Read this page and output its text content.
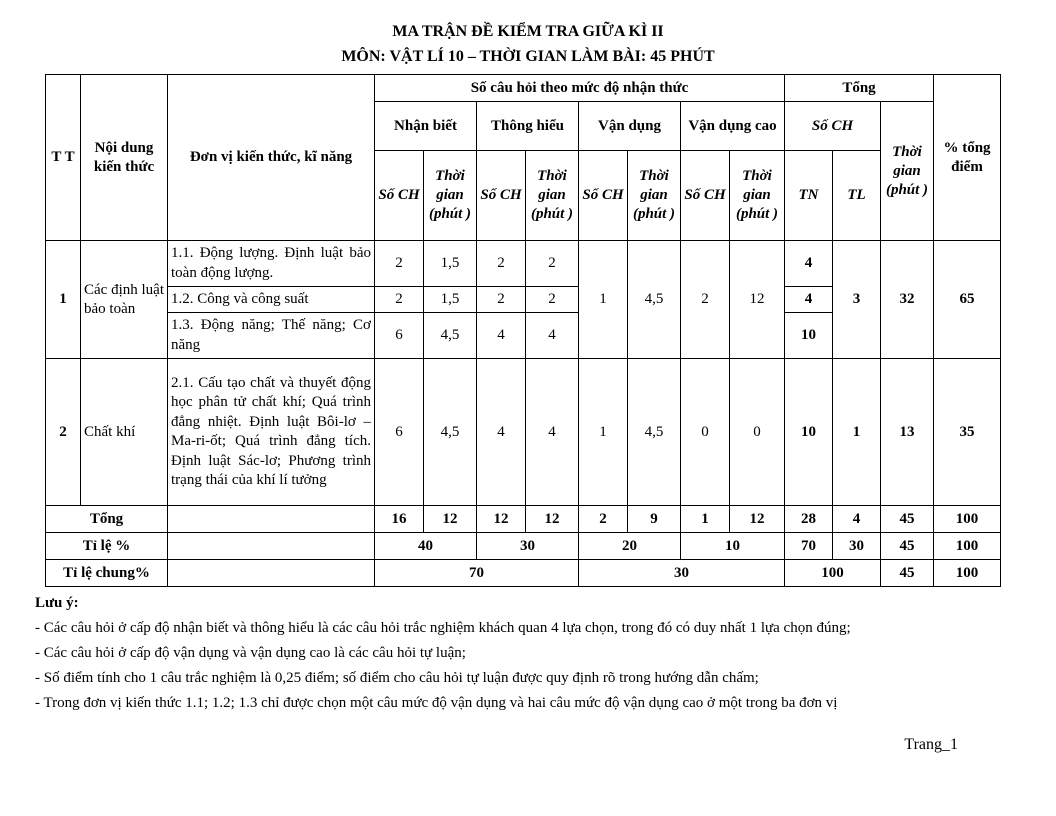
MA TRẬN ĐỀ KIỂM TRA GIỮA KÌ II
MÔN: VẬT LÍ 10 – THỜI GIAN LÀM BÀI: 45 PHÚT
T T	Nội dung kiến thức	Đơn vị kiến thức, kĩ năng	Số câu hỏi theo mức độ nhận thức								Tổng			% tổng điểm
			Nhận biết		Thông hiểu		Vận dụng		Vận dụng cao		Số CH		Thời gian (phút )	
			Số CH	Thời gian (phút )	Số CH	Thời gian (phút )	Số CH	Thời gian (phút )	Số CH	Thời gian (phút )	TN	TL		
1	Các định luật bảo toàn	1.1. Động lượng. Định luật bảo toàn động lượng.	2	1,5	2	2	1	4,5	2	12	4	3	32	65
		1.2. Công và công suất	2	1,5	2	2					4			
		1.3. Động năng; Thế năng; Cơ năng	6	4,5	4	4					10			
2	Chất khí	2.1. Cấu tạo chất và thuyết động học phân tử chất khí; Quá trình đẳng nhiệt. Định luật Bôi-lơ – Ma-ri-ốt; Quá trình đẳng tích. Định luật Sác-lơ; Phương trình trạng thái của khí lí tưởng	6	4,5	4	4	1	4,5	0	0	10	1	13	35
Tổng			16	12	12	12	2	9	1	12	28	4	45	100
Tỉ lệ %			40		30		20		10		70	30	45	100
Tỉ lệ chung%			70				30				100		45	100

Lưu ý:

- Các câu hỏi ở cấp độ nhận biết và thông hiểu là các câu hỏi trắc nghiệm khách quan 4 lựa chọn, trong đó có duy nhất 1 lựa chọn đúng;

- Các câu hỏi ở cấp độ vận dụng và vận dụng cao là các câu hỏi tự luận;

- Số điểm tính cho 1 câu trắc nghiệm là 0,25 điểm; số điểm cho câu hỏi tự luận được quy định rõ trong hướng dẫn chấm;

- Trong đơn vị kiến thức 1.1; 1.2; 1.3 chỉ được chọn một câu mức độ vận dụng và hai câu mức độ vận dụng cao ở một trong ba đơn vị

Trang_1
